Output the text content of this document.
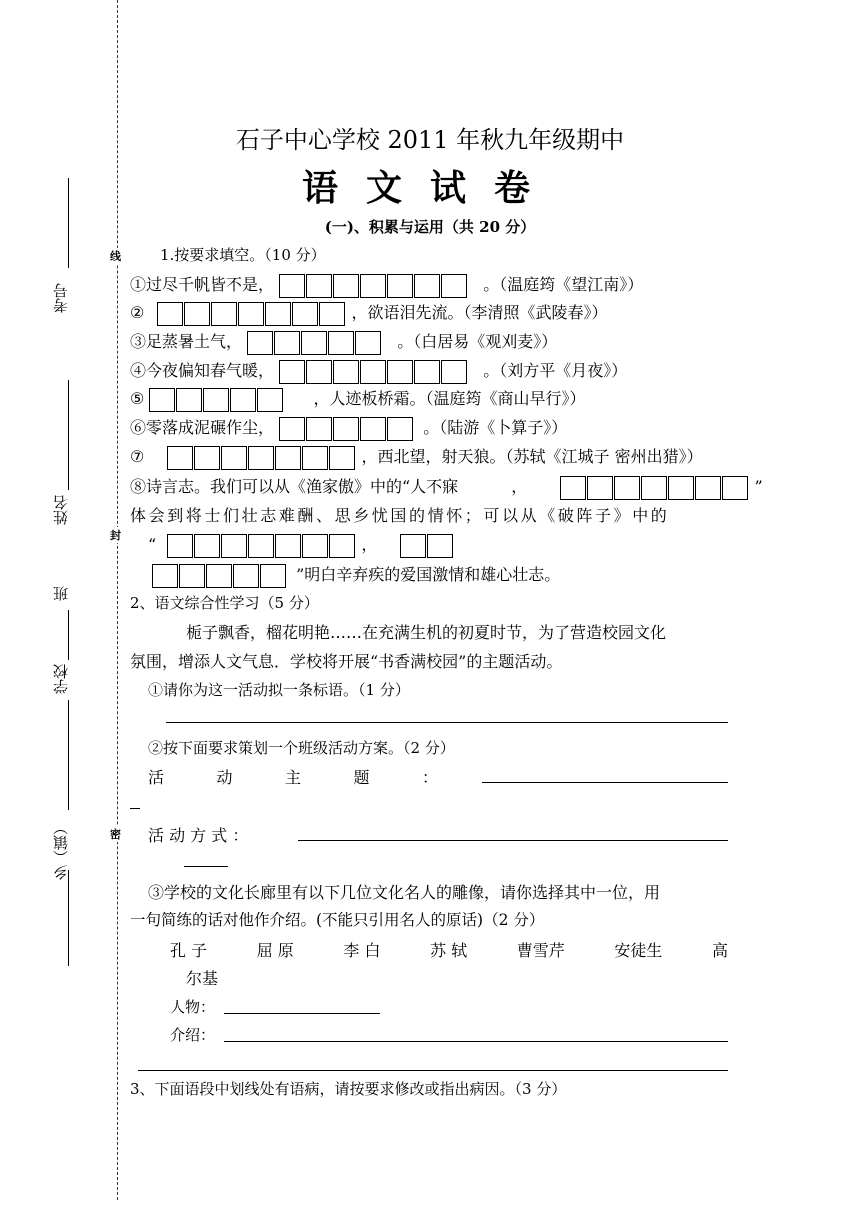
线
封
密
考号
姓名
班
学校
乡（镇）
石子中心学校 2011 年秋九年级期中
语文试卷
(一)、积累与运用（共 20 分）
1.按要求填空。（10 分）
①过尽千帆皆不是，	。（温庭筠《望江南》）
②	，欲语泪先流。（李清照《武陵春》）
③足蒸暑土气，	。（白居易《观刈麦》）
④今夜偏知春气暖，	。（刘方平《月夜》）
⑤	，人迹板桥霜。（温庭筠《商山早行》）
⑥零落成泥碾作尘，	。（陆游《卜算子》）
⑦	，西北望，射天狼。（苏轼《江城子 密州出猎》）
⑧诗言志。我们可以从《渔家傲》中的“人不寐	，	”
体会到将士们壮志难酬、思乡忧国的情怀；可以从《破阵子》中的
“	，
”明白辛弃疾的爱国激情和雄心壮志。
2、语文综合性学习（5 分）
栀子飘香，榴花明艳……在充满生机的初夏时节，为了营造校园文化
氛围，增添人文气息．学校将开展“书香满校园”的主题活动。
①请你为这一活动拟一条标语。（1 分）
②按下面要求策划一个班级活动方案。（2 分）
活	动	主	题	：
活 动 方 式 ：
③学校的文化长廊里有以下几位文化名人的雕像，请你选择其中一位，用
一句简练的话对他作介绍。(不能只引用名人的原话)（2 分）
孔 子	屈 原	李 白	苏 轼	曹雪芹	安徒生	高
尔基
人物：
介绍：
3、下面语段中划线处有语病，请按要求修改或指出病因。（3 分）
